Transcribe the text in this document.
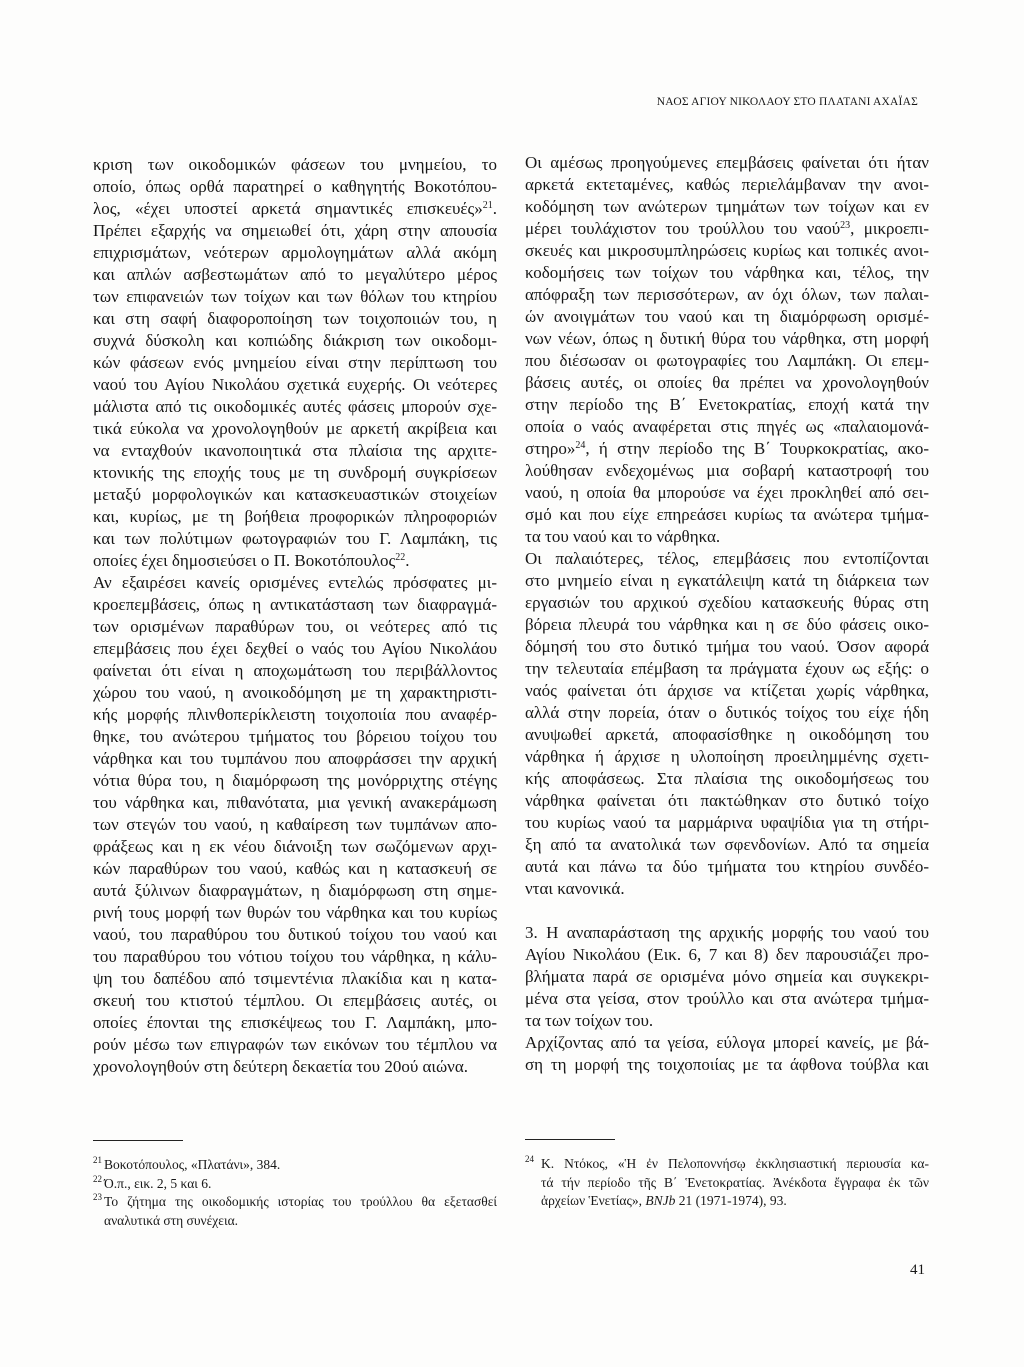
ΝΑΟΣ ΑΓΙΟΥ ΝΙΚΟΛΑΟΥ ΣΤΟ ΠΛΑΤΑΝΙ ΑΧΑΪΑΣ
κριση των οικοδομικών φάσεων του μνημείου, το
οποίο, όπως ορθά παρατηρεί ο καθηγητής Βοκοτόπου-
λος, «έχει υποστεί αρκετά σημαντικές επισκευές»$^{21}$.
Πρέπει εξαρχής να σημειωθεί ότι, χάρη στην απουσία
επιχρισμάτων, νεότερων αρμολογημάτων αλλά ακόμη
και απλών ασβεστωμάτων από το μεγαλύτερο μέρος
των επιφανειών των τοίχων και των θόλων του κτηρίου
και στη σαφή διαφοροποίηση των τοιχοποιιών του, η
συχνά δύσκολη και κοπιώδης διάκριση των οικοδομι-
κών φάσεων ενός μνημείου είναι στην περίπτωση του
ναού του Αγίου Νικολάου σχετικά ευχερής. Οι νεότερες
μάλιστα από τις οικοδομικές αυτές φάσεις μπορούν σχε-
τικά εύκολα να χρονολογηθούν με αρκετή ακρίβεια και
να ενταχθούν ικανοποιητικά στα πλαίσια της αρχιτε-
κτονικής της εποχής τους με τη συνδρομή συγκρίσεων
μεταξύ μορφολογικών και κατασκευαστικών στοιχείων
και, κυρίως, με τη βοήθεια προφορικών πληροφοριών
και των πολύτιμων φωτογραφιών του Γ. Λαμπάκη, τις
οποίες έχει δημοσιεύσει ο Π. Βοκοτόπουλος$^{22}$.
Αν εξαιρέσει κανείς ορισμένες εντελώς πρόσφατες μι-
κροεπεμβάσεις, όπως η αντικατάσταση των διαφραγμά-
των ορισμένων παραθύρων του, οι νεότερες από τις
επεμβάσεις που έχει δεχθεί ο ναός του Αγίου Νικολάου
φαίνεται ότι είναι η αποχωμάτωση του περιβάλλοντος
χώρου του ναού, η ανοικοδόμηση με τη χαρακτηριστι-
κής μορφής πλινθοπερίκλειστη τοιχοποιία που αναφέρ-
θηκε, του ανώτερου τμήματος του βόρειου τοίχου του
νάρθηκα και του τυμπάνου που αποφράσσει την αρχική
νότια θύρα του, η διαμόρφωση της μονόρριχτης στέγης
του νάρθηκα και, πιθανότατα, μια γενική ανακεράμωση
των στεγών του ναού, η καθαίρεση των τυμπάνων απο-
φράξεως και η εκ νέου διάνοιξη των σωζόμενων αρχι-
κών παραθύρων του ναού, καθώς και η κατασκευή σε
αυτά ξύλινων διαφραγμάτων, η διαμόρφωση στη σημε-
ρινή τους μορφή των θυρών του νάρθηκα και του κυρίως
ναού, του παραθύρου του δυτικού τοίχου του ναού και
του παραθύρου του νότιου τοίχου του νάρθηκα, η κάλυ-
ψη του δαπέδου από τσιμεντένια πλακίδια και η κατα-
σκευή του κτιστού τέμπλου. Οι επεμβάσεις αυτές, οι
οποίες έπονται της επισκέψεως του Γ. Λαμπάκη, μπο-
ρούν μέσω των επιγραφών των εικόνων του τέμπλου να
χρονολογηθούν στη δεύτερη δεκαετία του 20ού αιώνα.
Οι αμέσως προηγούμενες επεμβάσεις φαίνεται ότι ήταν
αρκετά εκτεταμένες, καθώς περιελάμβαναν την ανοι-
κοδόμηση των ανώτερων τμημάτων των τοίχων και εν
μέρει τουλάχιστον του τρούλλου του ναού$^{23}$, μικροεπι-
σκευές και μικροσυμπληρώσεις κυρίως και τοπικές ανοι-
κοδομήσεις των τοίχων του νάρθηκα και, τέλος, την
απόφραξη των περισσότερων, αν όχι όλων, των παλαι-
ών ανοιγμάτων του ναού και τη διαμόρφωση ορισμέ-
νων νέων, όπως η δυτική θύρα του νάρθηκα, στη μορφή
που διέσωσαν οι φωτογραφίες του Λαμπάκη. Οι επεμ-
βάσεις αυτές, οι οποίες θα πρέπει να χρονολογηθούν
στην περίοδο της Β΄ Ενετοκρατίας, εποχή κατά την
οποία ο ναός αναφέρεται στις πηγές ως «παλαιομονά-
στηρο»$^{24}$, ή στην περίοδο της Β΄ Τουρκοκρατίας, ακο-
λούθησαν ενδεχομένως μια σοβαρή καταστροφή του
ναού, η οποία θα μπορούσε να έχει προκληθεί από σει-
σμό και που είχε επηρεάσει κυρίως τα ανώτερα τμήμα-
τα του ναού και το νάρθηκα.
Οι παλαιότερες, τέλος, επεμβάσεις που εντοπίζονται
στο μνημείο είναι η εγκατάλειψη κατά τη διάρκεια των
εργασιών του αρχικού σχεδίου κατασκευής θύρας στη
βόρεια πλευρά του νάρθηκα και η σε δύο φάσεις οικο-
δόμησή του στο δυτικό τμήμα του ναού. Όσον αφορά
την τελευταία επέμβαση τα πράγματα έχουν ως εξής: ο
ναός φαίνεται ότι άρχισε να κτίζεται χωρίς νάρθηκα,
αλλά στην πορεία, όταν ο δυτικός τοίχος του είχε ήδη
ανυψωθεί αρκετά, αποφασίσθηκε η οικοδόμηση του
νάρθηκα ή άρχισε η υλοποίηση προειλημμένης σχετι-
κής αποφάσεως. Στα πλαίσια της οικοδομήσεως του
νάρθηκα φαίνεται ότι πακτώθηκαν στο δυτικό τοίχο
του κυρίως ναού τα μαρμάρινα υφαψίδια για τη στήρι-
ξη από τα ανατολικά των σφενδονίων. Από τα σημεία
αυτά και πάνω τα δύο τμήματα του κτηρίου συνδέο-
νται κανονικά.
3. Η αναπαράσταση της αρχικής μορφής του ναού του
Αγίου Νικολάου (Εικ. 6, 7 και 8) δεν παρουσιάζει προ-
βλήματα παρά σε ορισμένα μόνο σημεία και συγκεκρι-
μένα στα γείσα, στον τρούλλο και στα ανώτερα τμήμα-
τα των τοίχων του.
Αρχίζοντας από τα γείσα, εύλογα μπορεί κανείς, με βά-
ση τη μορφή της τοιχοποιίας με τα άφθονα τούβλα και
21 Βοκοτόπουλος, «Πλατάνι», 384.
22 Ό.π., εικ. 2, 5 και 6.
23 Το ζήτημα της οικοδομικής ιστορίας του τρούλλου θα εξετασθεί
αναλυτικά στη συνέχεια.
24 Κ. Ντόκος, «Ἡ ἐν Πελοποννήσῳ ἐκκλησιαστική περιουσία κα-
τά τήν περίοδο τῆς Β΄ Ἑνετοκρατίας. Ἀνέκδοτα ἔγγραφα ἐκ τῶν
ἀρχείων Ἑνετίας», BNJb 21 (1971-1974), 93.
41
